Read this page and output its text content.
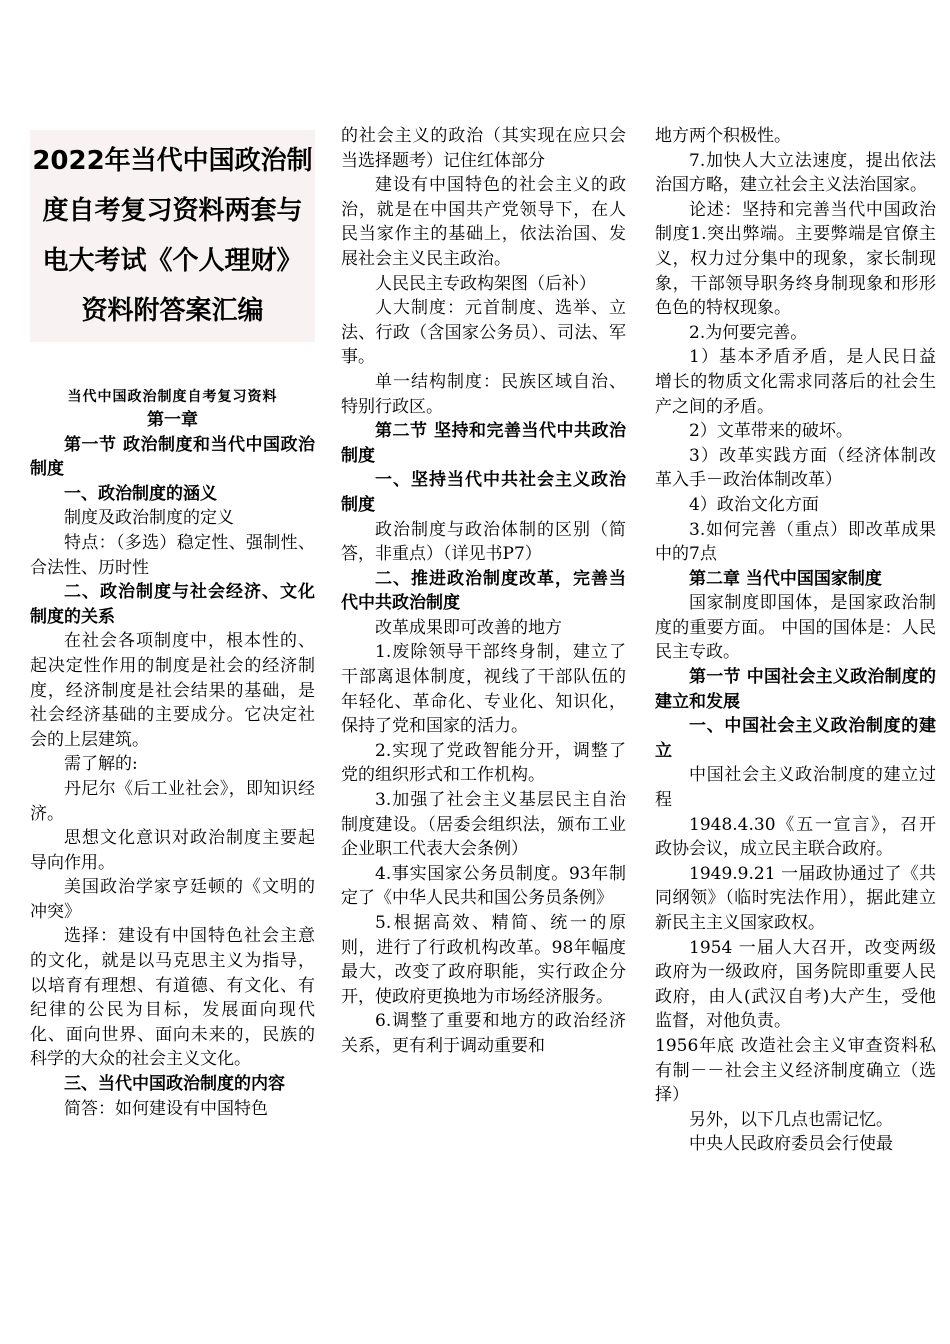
2022年当代中国政治制度自考复习资料两套与电大考试《个人理财》资料附答案汇编

当代中国政治制度自考复习资料

第一章

第一节 政治制度和当代中国政治制度

一、政治制度的涵义

制度及政治制度的定义

特点：（多选）稳定性、强制性、合法性、历时性

二、政治制度与社会经济、文化制度的关系

在社会各项制度中，根本性的、起决定性作用的制度是社会的经济制度，经济制度是社会结果的基础，是社会经济基础的主要成分。它决定社会的上层建筑。

需了解的:

丹尼尔《后工业社会》，即知识经济。

思想文化意识对政治制度主要起导向作用。

美国政治学家亨廷顿的《文明的冲突》

选择：建设有中国特色社会主意的文化，就是以马克思主义为指导，以培育有理想、有道德、有文化、有纪律的公民为目标，发展面向现代化、面向世界、面向未来的，民族的科学的大众的社会主义文化。

三、当代中国政治制度的内容

简答：如何建设有中国特色

的社会主义的政治（其实现在应只会当选择题考）记住红体部分

建设有中国特色的社会主义的政治，就是在中国共产党领导下，在人民当家作主的基础上，依法治国、发展社会主义民主政治。

人民民主专政构架图（后补）

人大制度：元首制度、选举、立法、行政（含国家公务员）、司法、军事。

单一结构制度：民族区域自治、特别行政区。

第二节 坚持和完善当代中共政治制度

一、坚持当代中共社会主义政治制度

政治制度与政治体制的区别（简答，非重点）（详见书P7）

二、推进政治制度改革，完善当代中共政治制度

改革成果即可改善的地方

1.废除领导干部终身制，建立了干部离退体制度，视线了干部队伍的年轻化、革命化、专业化、知识化，保持了党和国家的活力。

2.实现了党政智能分开，调整了党的组织形式和工作机构。

3.加强了社会主义基层民主自治制度建设。（居委会组织法，颁布工业企业职工代表大会条例）

4.事实国家公务员制度。93年制定了《中华人民共和国公务员条例》

5.根据高效、精简、统一的原则，进行了行政机构改革。98年幅度最大，改变了政府职能，实行政企分开，使政府更换地为市场经济服务。

6.调整了重要和地方的政治经济关系，更有利于调动重要和

地方两个积极性。

7.加快人大立法速度，提出依法治国方略，建立社会主义法治国家。

论述：坚持和完善当代中国政治制度1.突出弊端。主要弊端是官僚主义，权力过分集中的现象，家长制现象，干部领导职务终身制现象和形形色色的特权现象。

2.为何要完善。

1）基本矛盾矛盾，是人民日益增长的物质文化需求同落后的社会生产之间的矛盾。

2）文革带来的破坏。

3）改革实践方面（经济体制改革入手－政治体制改革）

4）政治文化方面

3.如何完善（重点）即改革成果中的7点

第二章 当代中国国家制度

国家制度即国体，是国家政治制度的重要方面。 中国的国体是：人民民主专政。

第一节 中国社会主义政治制度的建立和发展

一、中国社会主义政治制度的建立

中国社会主义政治制度的建立过程

1948.4.30《五一宣言》，召开政协会议，成立民主联合政府。

1949.9.21 一届政协通过了《共同纲领》（临时宪法作用），据此建立新民主主义国家政权。

1954 一届人大召开，改变两级政府为一级政府，国务院即重要人民政府，由人(武汉自考)大产生，受他监督，对他负责。

1956年底 改造社会主义审查资料私有制－－社会主义经济制度确立（选择）

另外，以下几点也需记忆。

中央人民政府委员会行使最
